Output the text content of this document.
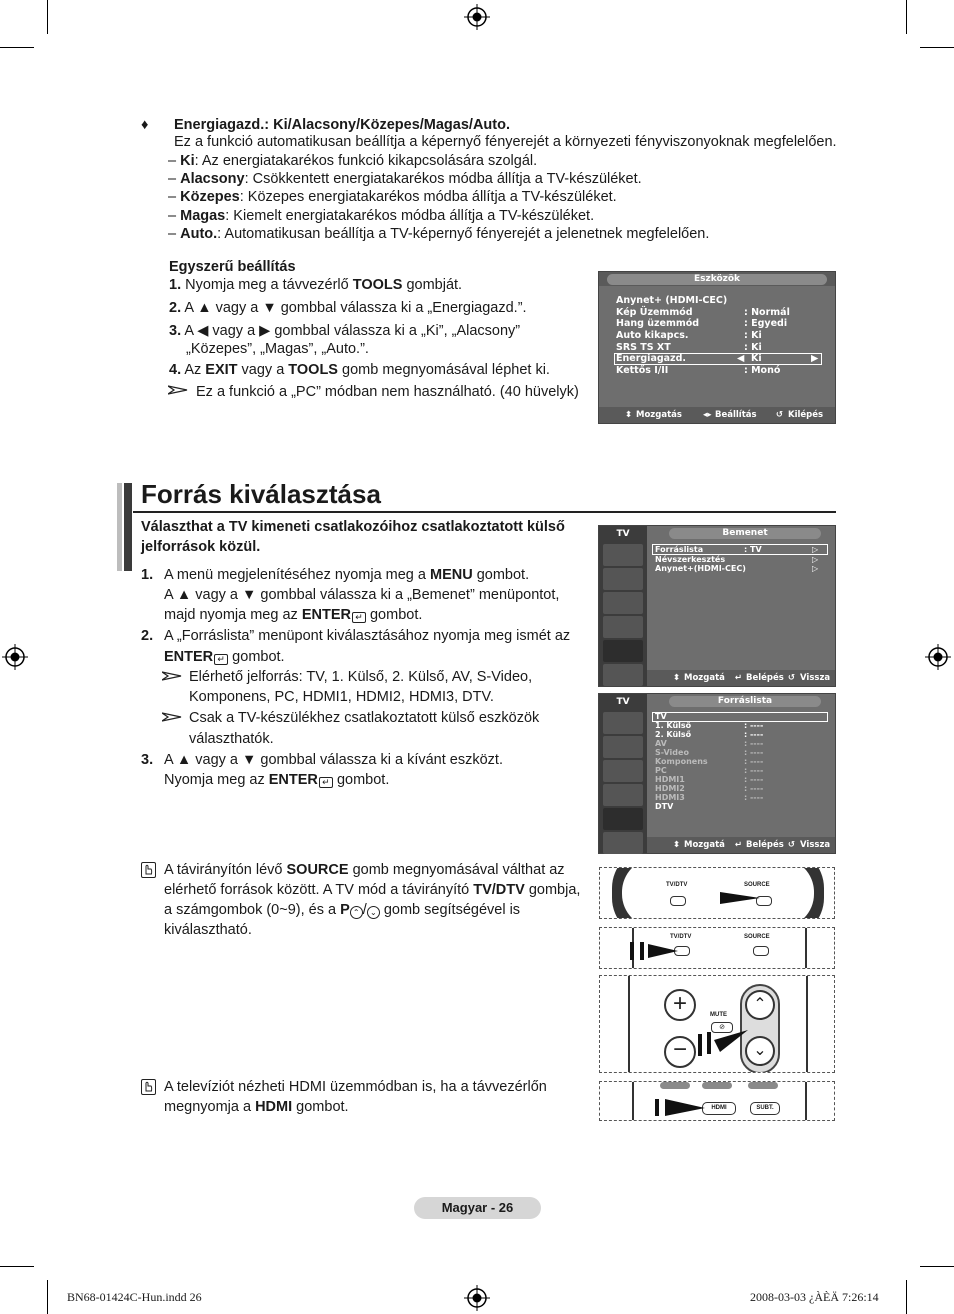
♦ Energiagazd.: Ki/Alacsony/Közepes/Magas/Auto.
Ez a funkció automatikusan beállítja a képernyő fényerejét a környezeti fényviszonyoknak megfelelően.
– Ki: Az energiatakarékos funkció kikapcsolására szolgál.
– Alacsony: Csökkentett energiatakarékos módba állítja a TV-készüléket.
– Közepes: Közepes energiatakarékos módba állítja a TV-készüléket.
– Magas: Kiemelt energiatakarékos módba állítja a TV-készüléket.
– Auto.: Automatikusan beállítja a TV-képernyő fényerejét a jelenetnek megfelelően.
Egyszerű beállítás
1. Nyomja meg a távvezérlő TOOLS gombját.
2. A ▲ vagy a ▼ gombbal válassza ki a „Energiagazd.”.
3. A ◀ vagy a ▶ gombbal válassza ki a „Ki”, „Alacsony”
„Közepes”, „Magas”, „Auto.”.
4. Az EXIT vagy a TOOLS gomb megnyomásával léphet ki.
Ez a funkció a „PC” módban nem használható. (40 hüvelyk)
Eszközök
Anynet+ (HDMI-CEC)
Kép Üzemmód	: Normál
Hang üzemmód	: Egyedi
Auto kikapcs.	: Ki
SRS TS XT	: Ki
Energiagazd.	◀ Ki	▶
Kettős I/II	: Monó
⬍ Mozgatás ◂▸ Beállítás ↺ Kilépés
Forrás kiválasztása
Választhat a TV kimeneti csatlakozóihoz csatlakoztatott külső
jelforrások közül.
1. A menü megjelenítéséhez nyomja meg a MENU gombot.
A ▲ vagy a ▼ gombbal válassza ki a „Bemenet” menüpontot,
majd nyomja meg az ENTER ↵ gombot.
2. A „Forráslista” menüpont kiválasztásához nyomja meg ismét az
ENTER ↵ gombot.
Elérhető jelforrás: TV, 1. Külső, 2. Külső, AV, S-Video,
Komponens, PC, HDMI1, HDMI2, HDMI3, DTV.
Csak a TV-készülékhez csatlakoztatott külső eszközök
választhatók.
3. A ▲ vagy a ▼ gombbal válassza ki a kívánt eszközt.
Nyomja meg az ENTER ↵ gombot.
A távirányítón lévő SOURCE gomb megnyomásával válthat az
elérhető források között. A TV mód a távirányító TV/DTV gombja,
a számgombok (0~9), és a P ⌃ / ⌄ gomb segítségével is
kiválasztható.
A televíziót nézheti HDMI üzemmódban is, ha a távvezérlőn
megnyomja a HDMI gombot.
TV	Bemenet
Forráslista	: TV	▷
Névszerkesztés	▷
Anynet+(HDMI-CEC)	▷
⬍ Mozgatá ↵ Belépés ↺ Vissza
TV	Forráslista
TV
1. Külső	: ----
2. Külső	: ----
AV	: ----
S-Video	: ----
Komponens	: ----
PC	: ----
HDMI1	: ----
HDMI2	: ----
HDMI3	: ----
DTV
⬍ Mozgatá ↵ Belépés ↺ Vissza
TV/DTV	SOURCE
TV/DTV	SOURCE
+
−
MUTE
⊘
⌃
⌄
HDMI	SUBT.
Magyar - 26
BN68-01424C-Hun.indd 26	2008-03-03 ¿ÀÈÄ 7:26:14
